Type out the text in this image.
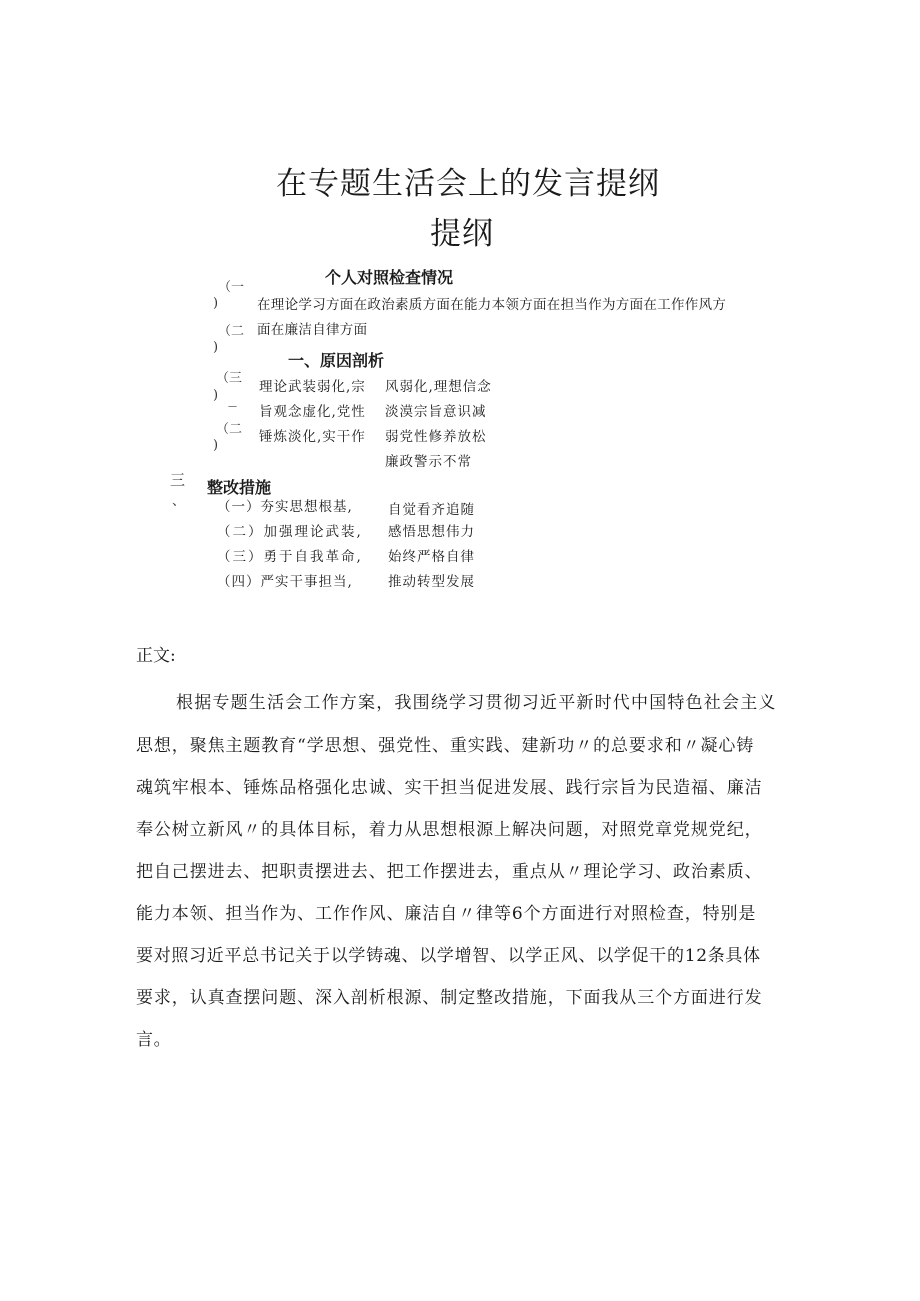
在专题生活会上的发言提纲
提纲
（一
)
（二
)
个人对照检查情况
在理论学习方面在政治素质方面在能力本领方面在担当作为方面在工作作风方
面在廉洁自律方面
一、原因剖析
（三
)
—
（二
)
理论武装弱化,宗
旨观念虚化,党性
锤炼淡化,实干作
风弱化,理想信念
淡漠宗旨意识减
弱党性修养放松
廉政警示不常
三
、
整改措施
（一）夯实思想根基,	自觉看齐追随
（二）加强理论武装, 感悟思想伟力
（三）勇于自我革命, 始终严格自律
（四）严实干事担当,	推动转型发展
正文:
根据专题生活会工作方案，我围绕学习贯彻习近平新时代中国特色社会主义
思想，聚焦主题教育“学思想、强党性、重实践、建新功〃的总要求和〃凝心铸
魂筑牢根本、锤炼品格强化忠诚、实干担当促进发展、践行宗旨为民造福、廉洁
奉公树立新风〃的具体目标，着力从思想根源上解决问题，对照党章党规党纪，
把自己摆进去、把职责摆进去、把工作摆进去，重点从〃理论学习、政治素质、
能力本领、担当作为、工作作风、廉洁自〃律等6个方面进行对照检查，特别是
要对照习近平总书记关于以学铸魂、以学增智、以学正风、以学促干的12条具体
要求，认真查摆问题、深入剖析根源、制定整改措施，下面我从三个方面进行发
言。
